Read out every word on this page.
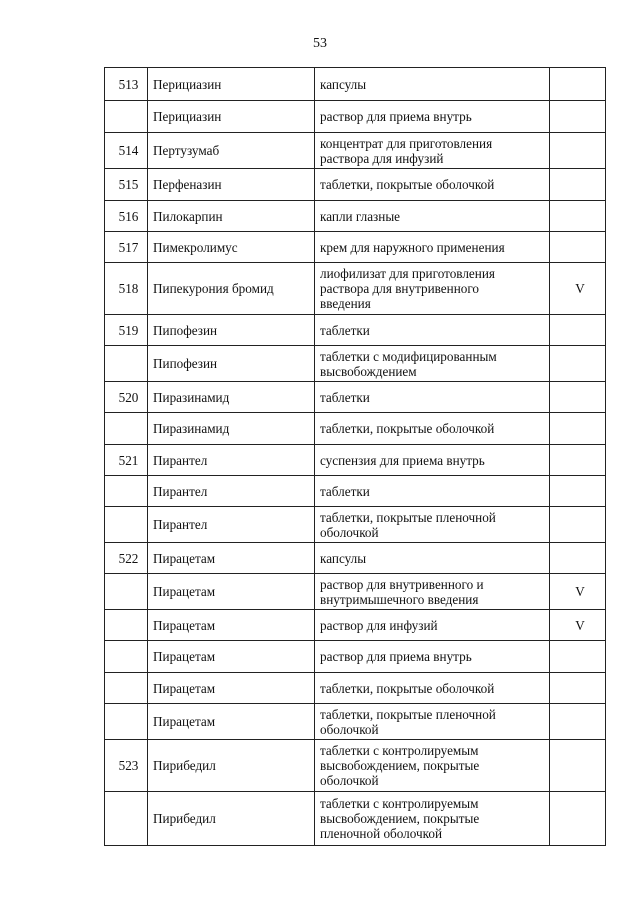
53
513	Перициазин	капсулы	
	Перициазин	раствор для приема внутрь	
514	Пертузумаб	концентрат для приготовления
раствора для инфузий	
515	Перфеназин	таблетки, покрытые оболочкой	
516	Пилокарпин	капли глазные	
517	Пимекролимус	крем для наружного применения	
518	Пипекурония бромид	лиофилизат для приготовления
раствора для внутривенного
введения	V
519	Пипофезин	таблетки	
	Пипофезин	таблетки с модифицированным
высвобождением	
520	Пиразинамид	таблетки	
	Пиразинамид	таблетки, покрытые оболочкой	
521	Пирантел	суспензия для приема внутрь	
	Пирантел	таблетки	
	Пирантел	таблетки, покрытые пленочной
оболочкой	
522	Пирацетам	капсулы	
	Пирацетам	раствор для внутривенного и
внутримышечного введения	V
	Пирацетам	раствор для инфузий	V
	Пирацетам	раствор для приема внутрь	
	Пирацетам	таблетки, покрытые оболочкой	
	Пирацетам	таблетки, покрытые пленочной
оболочкой	
523	Пирибедил	таблетки с контролируемым
высвобождением, покрытые
оболочкой	
	Пирибедил	таблетки с контролируемым
высвобождением, покрытые
пленочной оболочкой	
